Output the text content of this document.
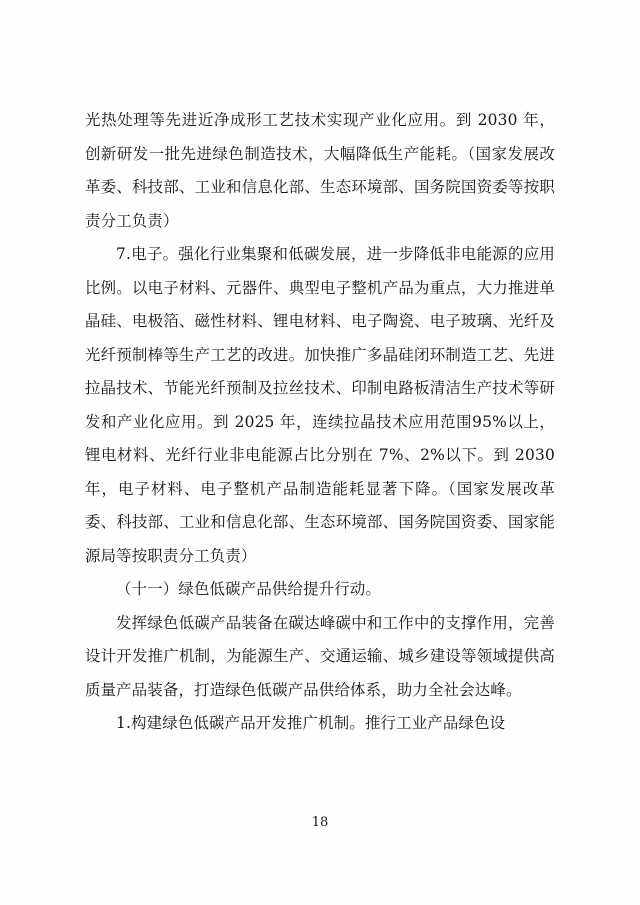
光热处理等先进近净成形工艺技术实现产业化应用。到 2030 年，创新研发一批先进绿色制造技术，大幅降低生产能耗。（国家发展改革委、科技部、工业和信息化部、生态环境部、国务院国资委等按职责分工负责）

7.电子。强化行业集聚和低碳发展，进一步降低非电能源的应用比例。以电子材料、元器件、典型电子整机产品为重点，大力推进单晶硅、电极箔、磁性材料、锂电材料、电子陶瓷、电子玻璃、光纤及光纤预制棒等生产工艺的改进。加快推广多晶硅闭环制造工艺、先进拉晶技术、节能光纤预制及拉丝技术、印制电路板清洁生产技术等研发和产业化应用。到 2025 年，连续拉晶技术应用范围95%以上，锂电材料、光纤行业非电能源占比分别在 7%、2%以下。到 2030 年，电子材料、电子整机产品制造能耗显著下降。（国家发展改革委、科技部、工业和信息化部、生态环境部、国务院国资委、国家能源局等按职责分工负责）

（十一）绿色低碳产品供给提升行动。

发挥绿色低碳产品装备在碳达峰碳中和工作中的支撑作用，完善设计开发推广机制，为能源生产、交通运输、城乡建设等领域提供高质量产品装备，打造绿色低碳产品供给体系，助力全社会达峰。

1.构建绿色低碳产品开发推广机制。推行工业产品绿色设

18
